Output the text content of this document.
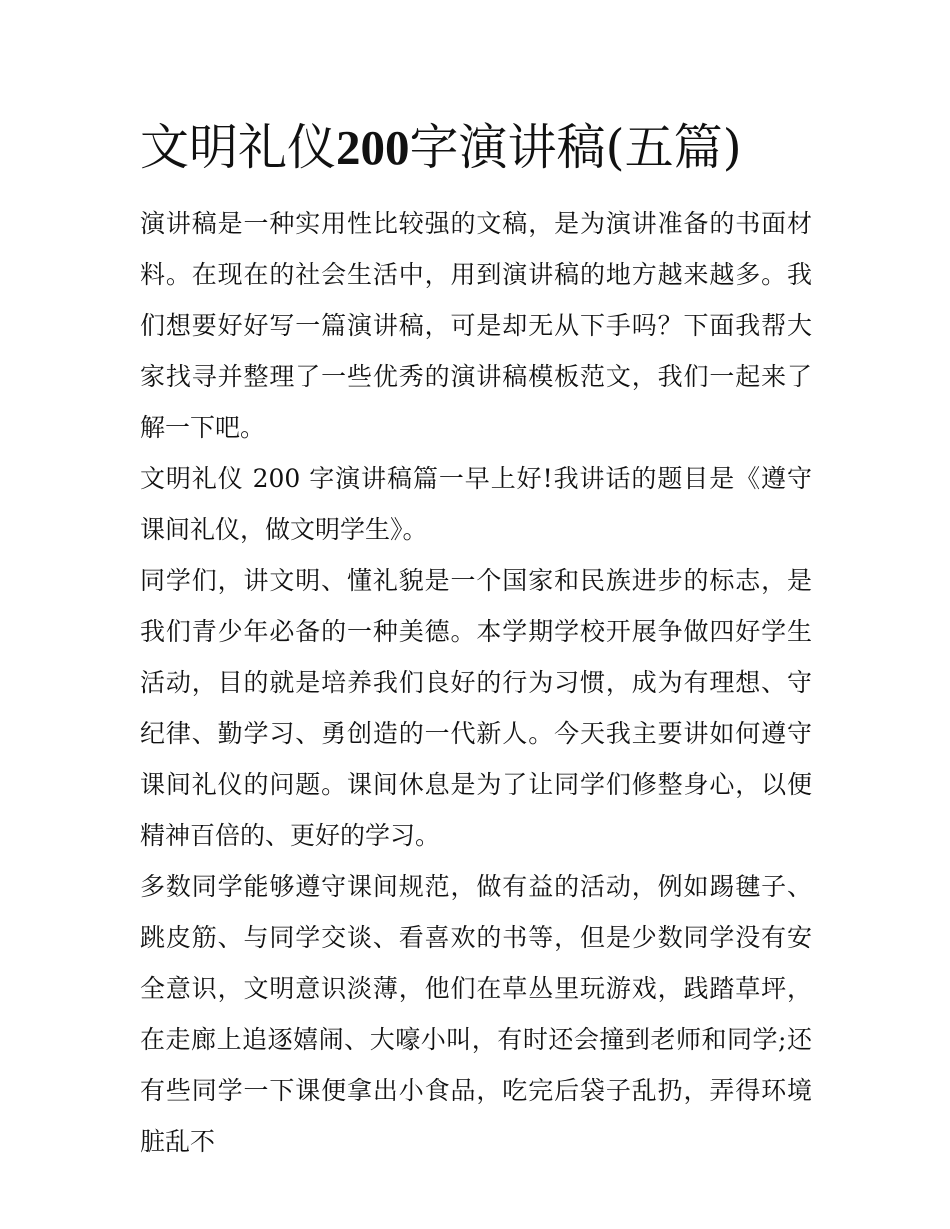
文明礼仪200字演讲稿(五篇)

演讲稿是一种实用性比较强的文稿，是为演讲准备的书面材料。在现在的社会生活中，用到演讲稿的地方越来越多。我们想要好好写一篇演讲稿，可是却无从下手吗？下面我帮大家找寻并整理了一些优秀的演讲稿模板范文，我们一起来了解一下吧。

文明礼仪 200 字演讲稿篇一早上好!我讲话的题目是《遵守课间礼仪，做文明学生》。

同学们，讲文明、懂礼貌是一个国家和民族进步的标志，是我们青少年必备的一种美德。本学期学校开展争做四好学生活动，目的就是培养我们良好的行为习惯，成为有理想、守纪律、勤学习、勇创造的一代新人。今天我主要讲如何遵守课间礼仪的问题。课间休息是为了让同学们修整身心，以便精神百倍的、更好的学习。

多数同学能够遵守课间规范，做有益的活动，例如踢毽子、跳皮筋、与同学交谈、看喜欢的书等，但是少数同学没有安全意识，文明意识淡薄，他们在草丛里玩游戏，践踏草坪，在走廊上追逐嬉闹、大嚎小叫，有时还会撞到老师和同学;还有些同学一下课便拿出小食品，吃完后袋子乱扔，弄得环境脏乱不
